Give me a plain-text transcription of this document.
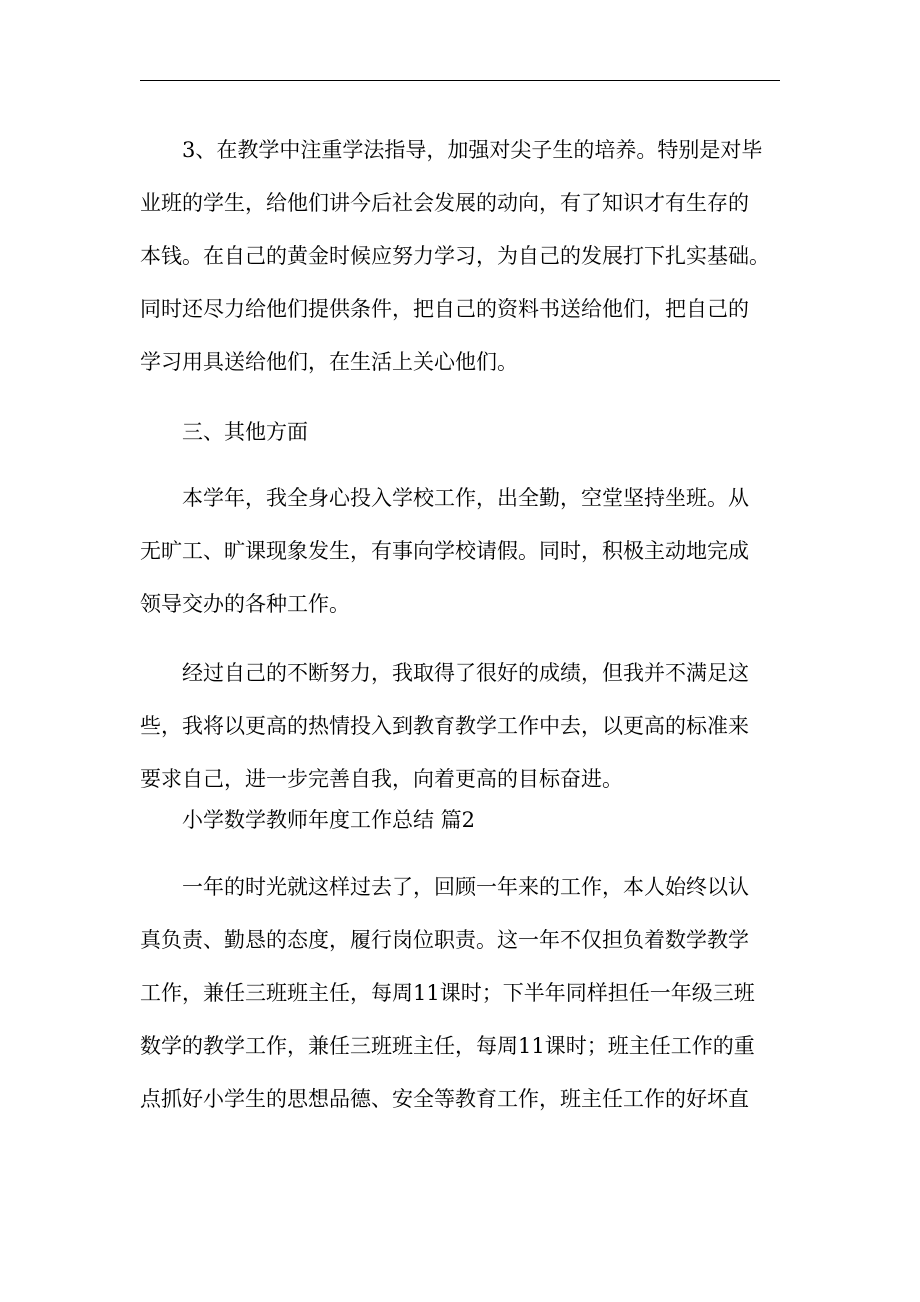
3、在教学中注重学法指导，加强对尖子生的培养。特别是对毕
业班的学生，给他们讲今后社会发展的动向，有了知识才有生存的
本钱。在自己的黄金时候应努力学习，为自己的发展打下扎实基础。
同时还尽力给他们提供条件，把自己的资料书送给他们，把自己的
学习用具送给他们，在生活上关心他们。
三、其他方面
本学年，我全身心投入学校工作，出全勤，空堂坚持坐班。从
无旷工、旷课现象发生，有事向学校请假。同时，积极主动地完成
领导交办的各种工作。
经过自己的不断努力，我取得了很好的成绩，但我并不满足这
些，我将以更高的热情投入到教育教学工作中去，以更高的标准来
要求自己，进一步完善自我，向着更高的目标奋进。
小学数学教师年度工作总结 篇2
一年的时光就这样过去了，回顾一年来的工作，本人始终以认
真负责、勤恳的态度，履行岗位职责。这一年不仅担负着数学教学
工作，兼任三班班主任，每周11课时；下半年同样担任一年级三班
数学的教学工作，兼任三班班主任，每周11课时；班主任工作的重
点抓好小学生的思想品德、安全等教育工作，班主任工作的好坏直
